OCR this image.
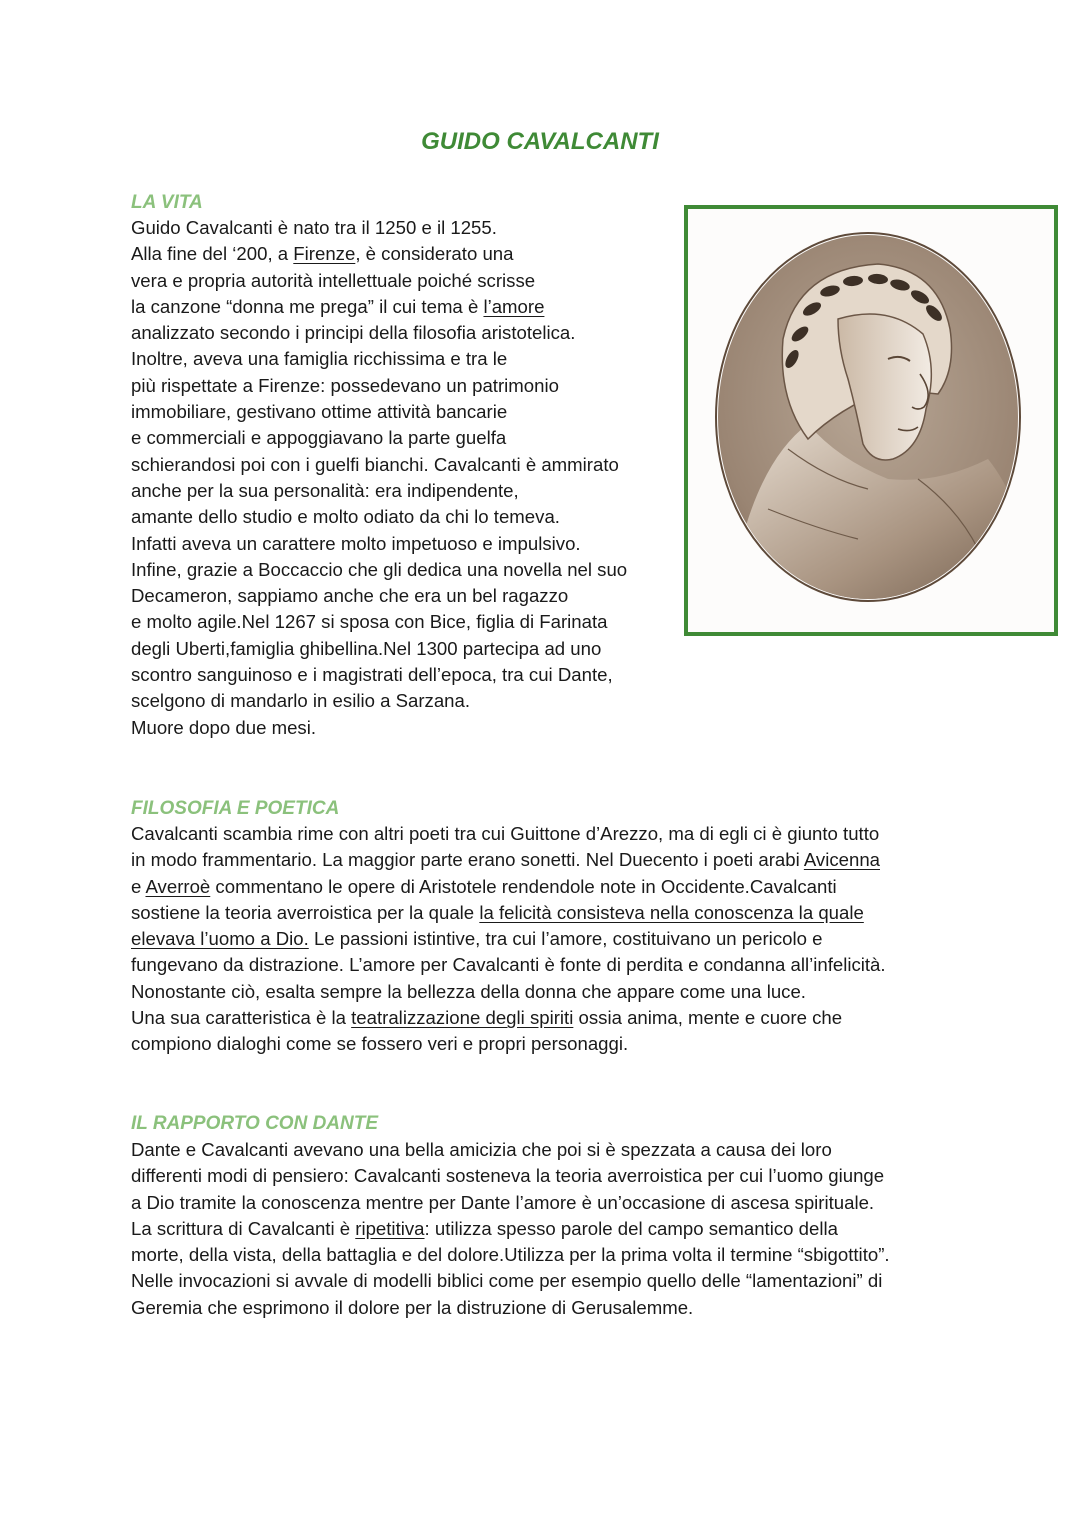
GUIDO CAVALCANTI
LA VITA
Guido Cavalcanti è nato tra il 1250 e il 1255.
Alla fine del ‘200, a Firenze, è considerato una
vera e propria autorità intellettuale poiché scrisse
la canzone “donna me prega” il cui tema è l’amore
analizzato secondo i principi della filosofia aristotelica.
Inoltre, aveva una famiglia ricchissima e tra le
più rispettate a Firenze: possedevano un patrimonio
immobiliare, gestivano ottime attività bancarie
e commerciali e appoggiavano la parte guelfa
schierandosi poi con i guelfi bianchi. Cavalcanti è ammirato
anche per la sua personalità: era indipendente,
amante dello studio e molto odiato da chi lo temeva.
Infatti aveva un carattere molto impetuoso e impulsivo.
Infine, grazie a Boccaccio che gli dedica una novella nel suo
Decameron, sappiamo anche che era un bel ragazzo
e molto agile.Nel 1267 si sposa con Bice, figlia di Farinata
degli Uberti,famiglia ghibellina.Nel 1300 partecipa ad uno
scontro sanguinoso e i magistrati dell’epoca, tra cui Dante,
scelgono di mandarlo in esilio a Sarzana.
Muore dopo due mesi.
FILOSOFIA E POETICA
Cavalcanti scambia rime con altri poeti tra cui Guittone d’Arezzo, ma di egli ci è giunto tutto
in modo frammentario. La maggior parte erano sonetti. Nel Duecento i poeti arabi Avicenna
e Averroè commentano le opere di Aristotele rendendole note in Occidente.Cavalcanti
sostiene la teoria averroistica per la quale la felicità consisteva nella conoscenza la quale
elevava l’uomo a Dio. Le passioni istintive, tra cui l’amore, costituivano un pericolo e
fungevano da distrazione. L’amore per Cavalcanti è fonte di perdita e condanna all’infelicità.
Nonostante ciò, esalta sempre la bellezza della donna che appare come una luce.
Una sua caratteristica è la teatralizzazione degli spiriti ossia anima, mente e cuore che
compiono dialoghi come se fossero veri e propri personaggi.
IL RAPPORTO CON DANTE
Dante e Cavalcanti avevano una bella amicizia che poi si è spezzata a causa dei loro
differenti modi di pensiero: Cavalcanti sosteneva la teoria averroistica per cui l’uomo giunge
a Dio tramite la conoscenza mentre per Dante l’amore è un’occasione di ascesa spirituale.
La scrittura di Cavalcanti è ripetitiva: utilizza spesso parole del campo semantico della
morte, della vista, della battaglia e del dolore.Utilizza per la prima volta il termine “sbigottito”.
Nelle invocazioni si avvale di modelli biblici come per esempio quello delle “lamentazioni” di
Geremia che esprimono il dolore per la distruzione di Gerusalemme.
